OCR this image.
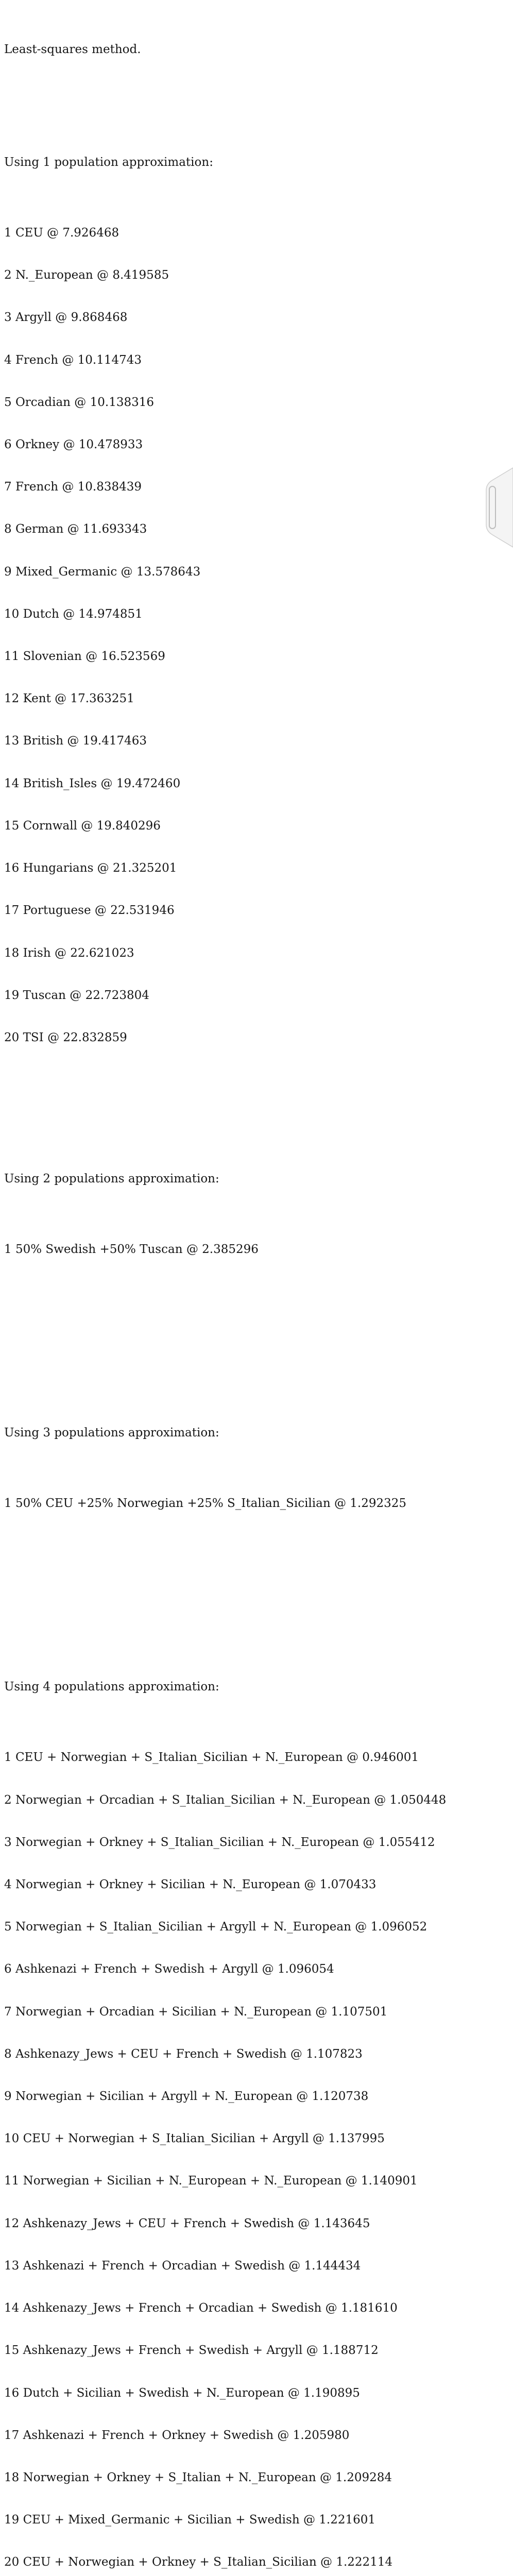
Least-squares method.

Using 1 population approximation:

1 CEU @ 7.926468

2 N._European @ 8.419585

3 Argyll @ 9.868468

4 French @ 10.114743

5 Orcadian @ 10.138316

6 Orkney @ 10.478933

7 French @ 10.838439

8 German @ 11.693343

9 Mixed_Germanic @ 13.578643

10 Dutch @ 14.974851

11 Slovenian @ 16.523569

12 Kent @ 17.363251

13 British @ 19.417463

14 British_Isles @ 19.472460

15 Cornwall @ 19.840296

16 Hungarians @ 21.325201

17 Portuguese @ 22.531946

18 Irish @ 22.621023

19 Tuscan @ 22.723804

20 TSI @ 22.832859

Using 2 populations approximation:

1 50% Swedish +50% Tuscan @ 2.385296

Using 3 populations approximation:

1 50% CEU +25% Norwegian +25% S_Italian_Sicilian @ 1.292325

Using 4 populations approximation:

1 CEU + Norwegian + S_Italian_Sicilian + N._European @ 0.946001

2 Norwegian + Orcadian + S_Italian_Sicilian + N._European @ 1.050448

3 Norwegian + Orkney + S_Italian_Sicilian + N._European @ 1.055412

4 Norwegian + Orkney + Sicilian + N._European @ 1.070433

5 Norwegian + S_Italian_Sicilian + Argyll + N._European @ 1.096052

6 Ashkenazi + French + Swedish + Argyll @ 1.096054

7 Norwegian + Orcadian + Sicilian + N._European @ 1.107501

8 Ashkenazy_Jews + CEU + French + Swedish @ 1.107823

9 Norwegian + Sicilian + Argyll + N._European @ 1.120738

10 CEU + Norwegian + S_Italian_Sicilian + Argyll @ 1.137995

11 Norwegian + Sicilian + N._European + N._European @ 1.140901

12 Ashkenazy_Jews + CEU + French + Swedish @ 1.143645

13 Ashkenazi + French + Orcadian + Swedish @ 1.144434

14 Ashkenazy_Jews + French + Orcadian + Swedish @ 1.181610

15 Ashkenazy_Jews + French + Swedish + Argyll @ 1.188712

16 Dutch + Sicilian + Swedish + N._European @ 1.190895

17 Ashkenazi + French + Orkney + Swedish @ 1.205980

18 Norwegian + Orkney + S_Italian + N._European @ 1.209284

19 CEU + Mixed_Germanic + Sicilian + Swedish @ 1.221601

20 CEU + Norwegian + Orkney + S_Italian_Sicilian @ 1.222114
